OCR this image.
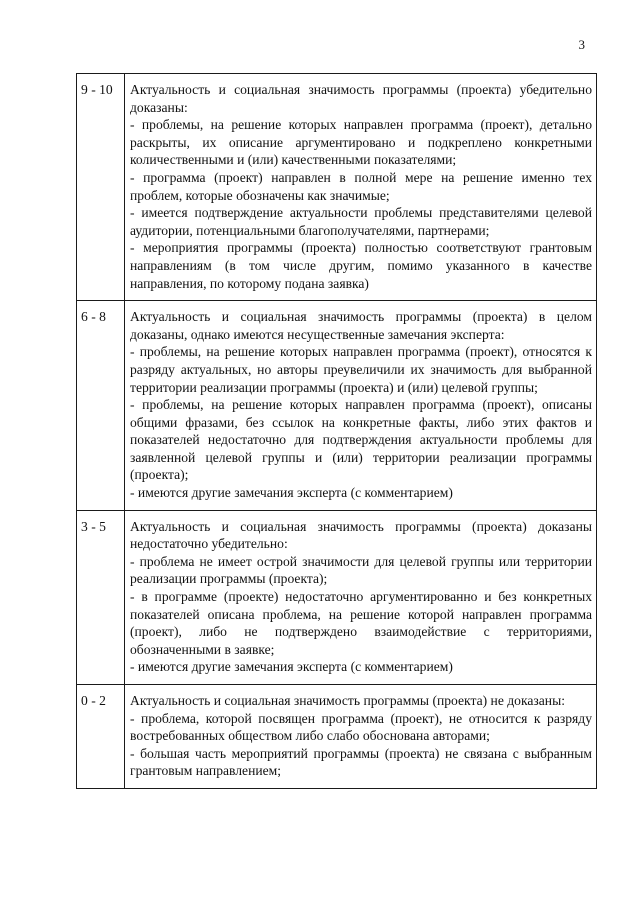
3
9 - 10	Актуальность и социальная значимость программы (проекта) убедительно доказаны:
- проблемы, на решение которых направлен программа (проект), детально раскрыты, их описание аргументировано и подкреплено конкретными количественными и (или) качественными показателями;
- программа (проект) направлен в полной мере на решение именно тех проблем, которые обозначены как значимые;
- имеется подтверждение актуальности проблемы представителями целевой аудитории, потенциальными благополучателями, партнерами;
- мероприятия программы (проекта) полностью соответствуют грантовым направлениям (в том числе другим, помимо указанного в качестве направления, по которому подана заявка)

6 - 8	Актуальность и социальная значимость программы (проекта) в целом доказаны, однако имеются несущественные замечания эксперта:
- проблемы, на решение которых направлен программа (проект), относятся к разряду актуальных, но авторы преувеличили их значимость для выбранной территории реализации программы (проекта) и (или) целевой группы;
- проблемы, на решение которых направлен программа (проект), описаны общими фразами, без ссылок на конкретные факты, либо этих фактов и показателей недостаточно для подтверждения актуальности проблемы для заявленной целевой группы и (или) территории реализации программы (проекта);
- имеются другие замечания эксперта (с комментарием)

3 - 5	Актуальность и социальная значимость программы (проекта) доказаны недостаточно убедительно:
- проблема не имеет острой значимости для целевой группы или территории реализации программы (проекта);
- в программе (проекте) недостаточно аргументированно и без конкретных показателей описана проблема, на решение которой направлен программа (проект), либо не подтверждено взаимодействие с территориями, обозначенными в заявке;
- имеются другие замечания эксперта (с комментарием)

0 - 2	Актуальность и социальная значимость программы (проекта) не доказаны:
- проблема, которой посвящен программа (проект), не относится к разряду востребованных обществом либо слабо обоснована авторами;
- большая часть мероприятий программы (проекта) не связана с выбранным грантовым направлением;
